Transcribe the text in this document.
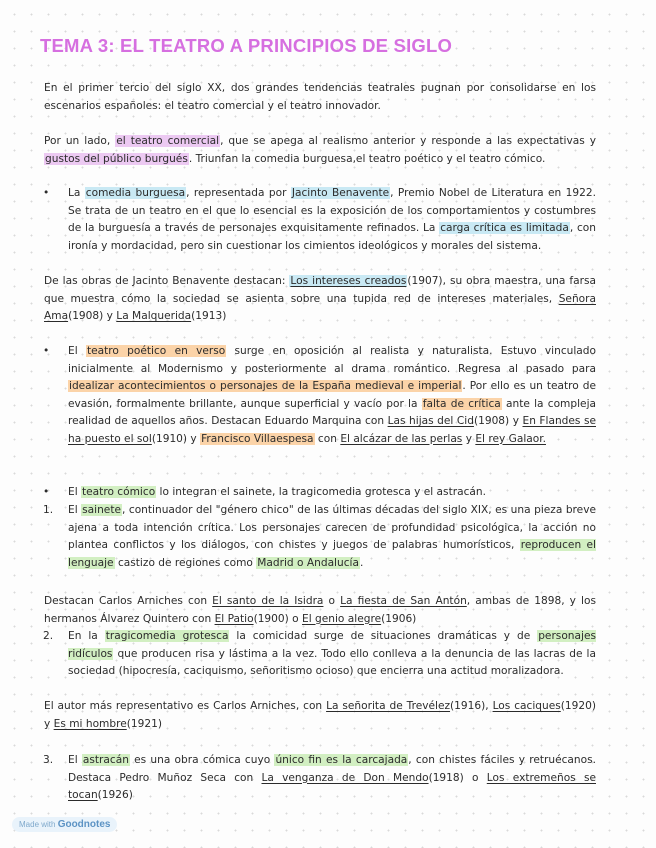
TEMA 3: EL TEATRO A PRINCIPIOS DE SIGLO

En el primer tercio del siglo XX, dos grandes tendencias teatrales pugnan por consolidarse en los escenarios españoles: el teatro comercial y el teatro innovador.

Por un lado, el teatro comercial, que se apega al realismo anterior y responde a las expectativas y gustos del público burgués. Triunfan la comedia burguesa,el teatro poético y el teatro cómico.

• La comedia burguesa, representada por Jacinto Benavente, Premio Nobel de Literatura en 1922. Se trata de un teatro en el que lo esencial es la exposición de los comportamientos y costumbres de la burguesía a través de personajes exquisitamente refinados. La carga crítica es limitada, con ironía y mordacidad, pero sin cuestionar los cimientos ideológicos y morales del sistema.

De las obras de Jacinto Benavente destacan: Los intereses creados(1907), su obra maestra, una farsa que muestra cómo la sociedad se asienta sobre una tupida red de intereses materiales, Señora Ama(1908) y La Malquerida(1913)

• El teatro poético en verso surge en oposición al realista y naturalista. Estuvo vinculado inicialmente al Modernismo y posteriormente al drama romántico. Regresa al pasado para idealizar acontecimientos o personajes de la España medieval e imperial. Por ello es un teatro de evasión, formalmente brillante, aunque superficial y vacío por la falta de crítica ante la compleja realidad de aquellos años. Destacan Eduardo Marquina con Las hijas del Cid(1908) y En Flandes se ha puesto el sol(1910) y Francisco Villaespesa con El alcázar de las perlas y El rey Galaor.

• El teatro cómico lo integran el sainete, la tragicomedia grotesca y el astracán.

1. El sainete, continuador del "género chico" de las últimas décadas del siglo XIX, es una pieza breve ajena a toda intención crítica. Los personajes carecen de profundidad psicológica, la acción no plantea conflictos y los diálogos, con chistes y juegos de palabras humorísticos, reproducen el lenguaje castizo de regiones como Madrid o Andalucía.

Destacan Carlos Arniches con El santo de la Isidra o La fiesta de San Antón, ambas de 1898, y los hermanos Álvarez Quintero con El Patio(1900) o El genio alegre(1906)

2. En la tragicomedia grotesca la comicidad surge de situaciones dramáticas y de personajes ridículos que producen risa y lástima a la vez. Todo ello conlleva a la denuncia de las lacras de la sociedad (hipocresía, caciquismo, señoritismo ocioso) que encierra una actitud moralizadora.

El autor más representativo es Carlos Arniches, con La señorita de Trevélez(1916), Los caciques(1920) y Es mi hombre(1921)

3. El astracán es una obra cómica cuyo único fin es la carcajada, con chistes fáciles y retruécanos. Destaca Pedro Muñoz Seca con La venganza de Don Mendo(1918) o Los extremeños se tocan(1926)

Made with Goodnotes
